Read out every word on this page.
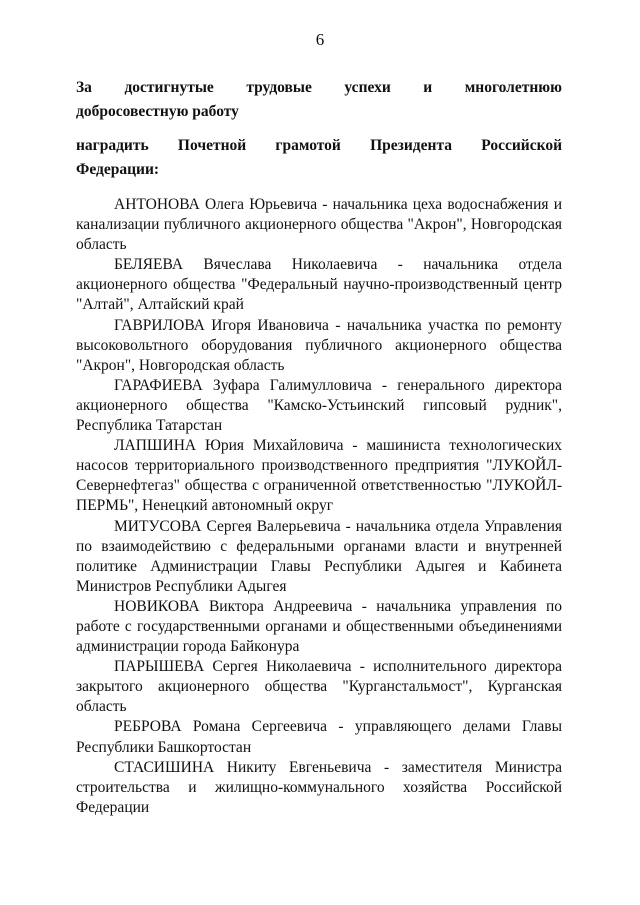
6
За достигнутые трудовые успехи и многолетнюю
добросовестную работу
наградить Почетной грамотой Президента Российской
Федерации:
АНТОНОВА Олега Юрьевича - начальника цеха водоснабжения и канализации публичного акционерного общества "Акрон", Новгородская область
БЕЛЯЕВА Вячеслава Николаевича - начальника отдела акционерного общества "Федеральный научно-производственный центр "Алтай", Алтайский край
ГАВРИЛОВА Игоря Ивановича - начальника участка по ремонту высоковольтного оборудования публичного акционерного общества "Акрон", Новгородская область
ГАРАФИЕВА Зуфара Галимулловича - генерального директора акционерного общества "Камско-Устьинский гипсовый рудник", Республика Татарстан
ЛАПШИНА Юрия Михайловича - машиниста технологических насосов территориального производственного предприятия "ЛУКОЙЛ-Севернефтегаз" общества с ограниченной ответственностью "ЛУКОЙЛ-ПЕРМЬ", Ненецкий автономный округ
МИТУСОВА Сергея Валерьевича - начальника отдела Управления по взаимодействию с федеральными органами власти и внутренней политике Администрации Главы Республики Адыгея и Кабинета Министров Республики Адыгея
НОВИКОВА Виктора Андреевича - начальника управления по работе с государственными органами и общественными объединениями администрации города Байконура
ПАРЫШЕВА Сергея Николаевича - исполнительного директора закрытого акционерного общества "Курганстальмост", Курганская область
РЕБРОВА Романа Сергеевича - управляющего делами Главы Республики Башкортостан
СТАСИШИНА Никиту Евгеньевича - заместителя Министра строительства и жилищно-коммунального хозяйства Российской Федерации
